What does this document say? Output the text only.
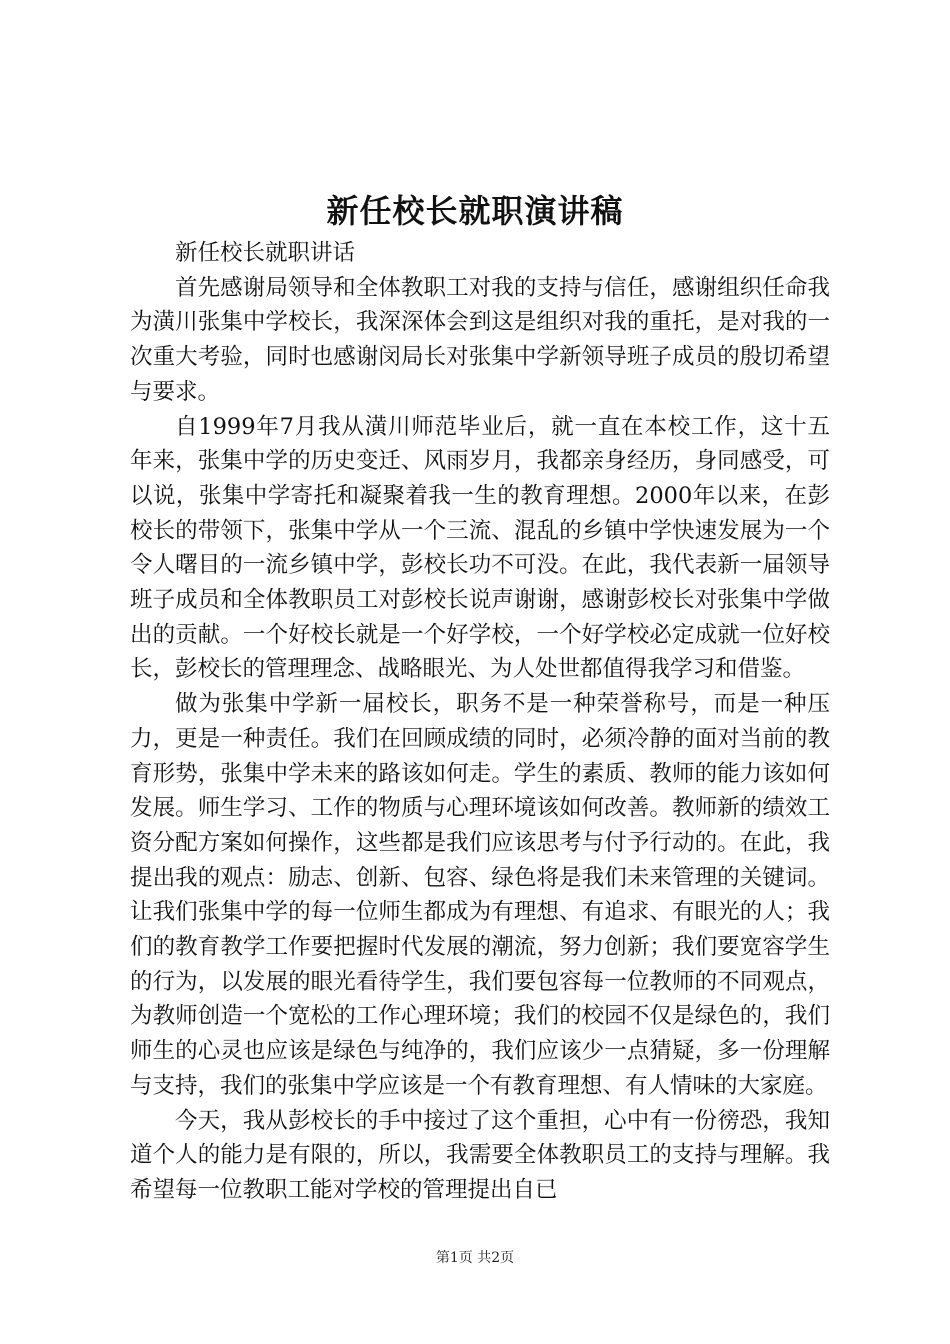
新任校长就职演讲稿

新任校长就职讲话

首先感谢局领导和全体教职工对我的支持与信任，感谢组织任命我为潢川张集中学校长，我深深体会到这是组织对我的重托，是对我的一次重大考验，同时也感谢闵局长对张集中学新领导班子成员的殷切希望与要求。

自1999年7月我从潢川师范毕业后，就一直在本校工作，这十五年来，张集中学的历史变迁、风雨岁月，我都亲身经历，身同感受，可以说，张集中学寄托和凝聚着我一生的教育理想。2000年以来，在彭校长的带领下，张集中学从一个三流、混乱的乡镇中学快速发展为一个令人曙目的一流乡镇中学，彭校长功不可没。在此，我代表新一届领导班子成员和全体教职员工对彭校长说声谢谢，感谢彭校长对张集中学做出的贡献。一个好校长就是一个好学校，一个好学校必定成就一位好校长，彭校长的管理理念、战略眼光、为人处世都值得我学习和借鉴。

做为张集中学新一届校长，职务不是一种荣誉称号，而是一种压力，更是一种责任。我们在回顾成绩的同时，必须冷静的面对当前的教育形势，张集中学未来的路该如何走。学生的素质、教师的能力该如何发展。师生学习、工作的物质与心理环境该如何改善。教师新的绩效工资分配方案如何操作，这些都是我们应该思考与付予行动的。在此，我提出我的观点：励志、创新、包容、绿色将是我们未来管理的关键词。让我们张集中学的每一位师生都成为有理想、有追求、有眼光的人；我们的教育教学工作要把握时代发展的潮流，努力创新；我们要宽容学生的行为，以发展的眼光看待学生，我们要包容每一位教师的不同观点，为教师创造一个宽松的工作心理环境；我们的校园不仅是绿色的，我们师生的心灵也应该是绿色与纯净的，我们应该少一点猜疑，多一份理解与支持，我们的张集中学应该是一个有教育理想、有人情味的大家庭。

今天，我从彭校长的手中接过了这个重担，心中有一份徬恐，我知道个人的能力是有限的，所以，我需要全体教职员工的支持与理解。我希望每一位教职工能对学校的管理提出自已

第1页 共2页
